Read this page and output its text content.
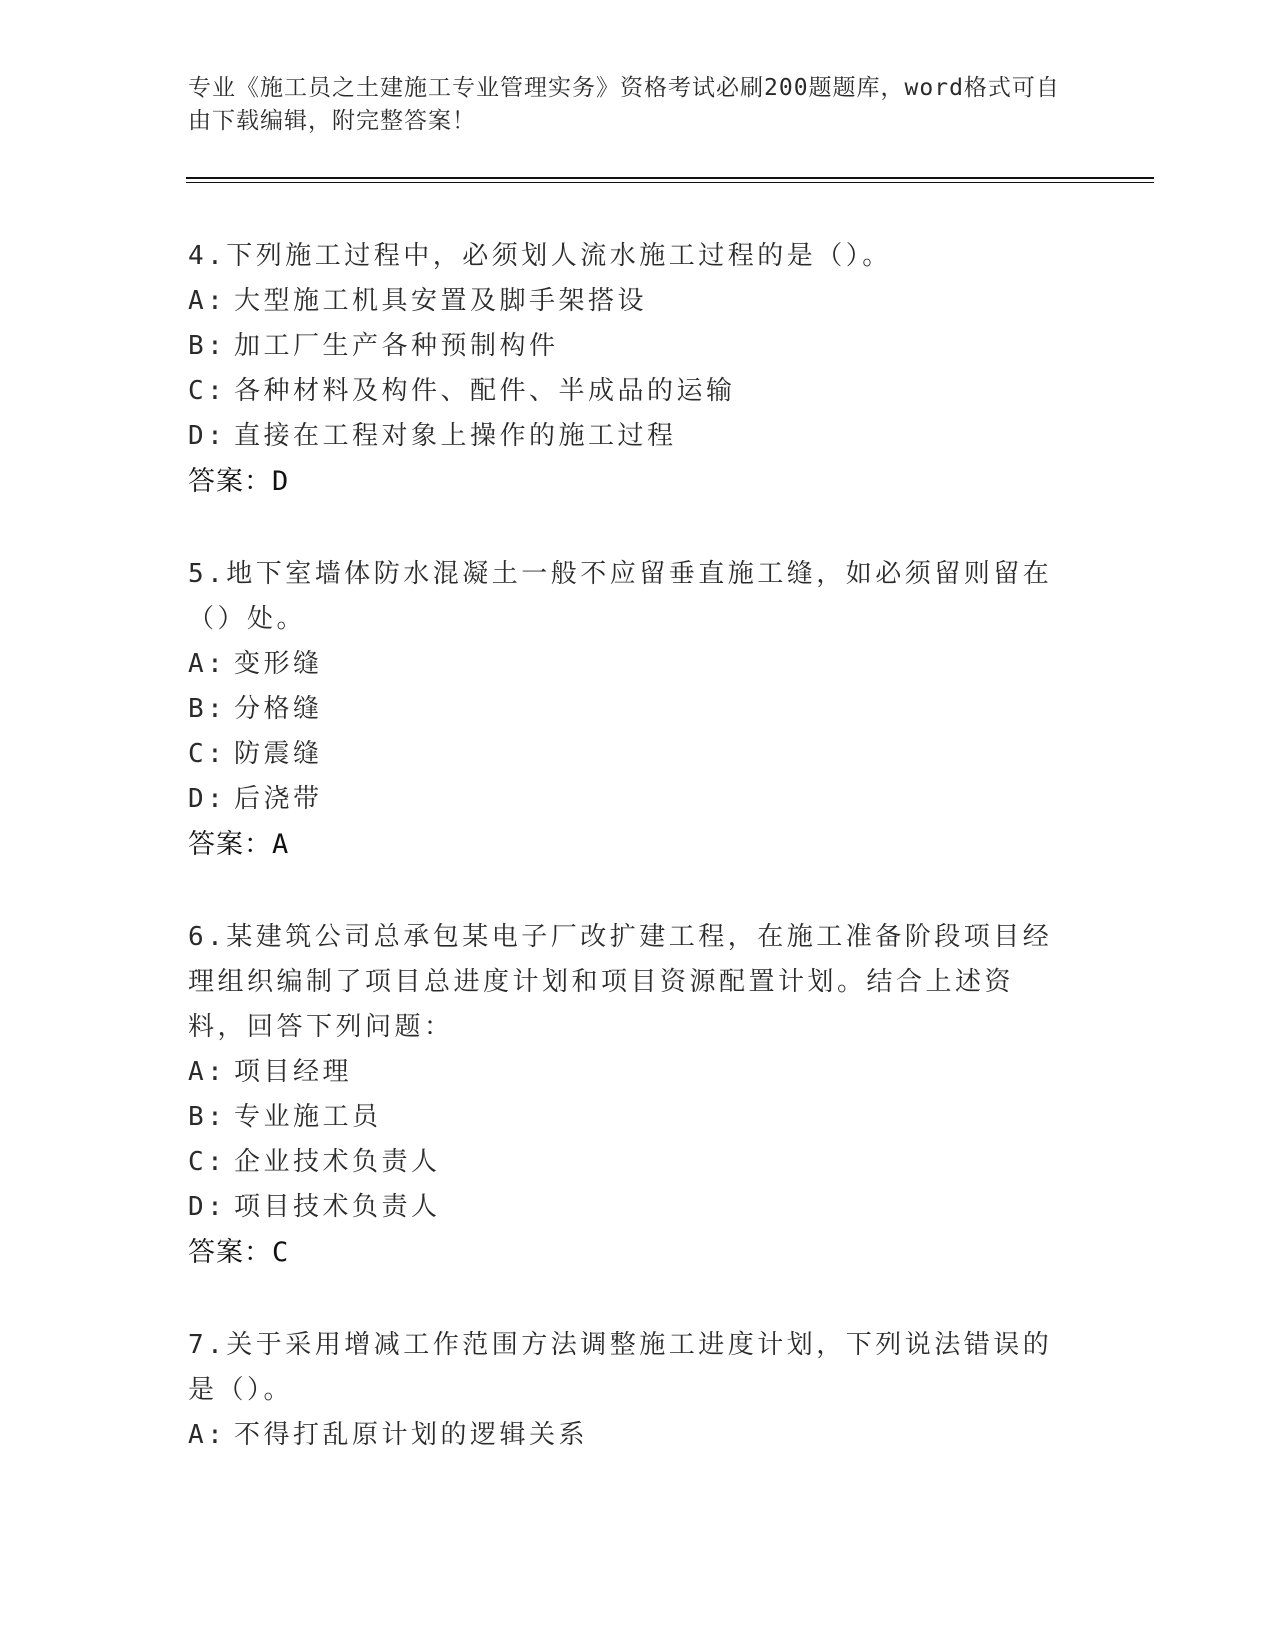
专业《施工员之土建施工专业管理实务》资格考试必刷200题题库，word格式可自由下载编辑，附完整答案！
4.下列施工过程中，必须划人流水施工过程的是（）。
A: 大型施工机具安置及脚手架搭设
B: 加工厂生产各种预制构件
C: 各种材料及构件、配件、半成品的运输
D: 直接在工程对象上操作的施工过程
答案：D
5.地下室墙体防水混凝土一般不应留垂直施工缝，如必须留则留在（）处。
A: 变形缝
B: 分格缝
C: 防震缝
D: 后浇带
答案：A
6.某建筑公司总承包某电子厂改扩建工程，在施工准备阶段项目经理组织编制了项目总进度计划和项目资源配置计划。结合上述资料，回答下列问题：
A: 项目经理
B: 专业施工员
C: 企业技术负责人
D: 项目技术负责人
答案：C
7.关于采用增减工作范围方法调整施工进度计划，下列说法错误的是（）。
A: 不得打乱原计划的逻辑关系
